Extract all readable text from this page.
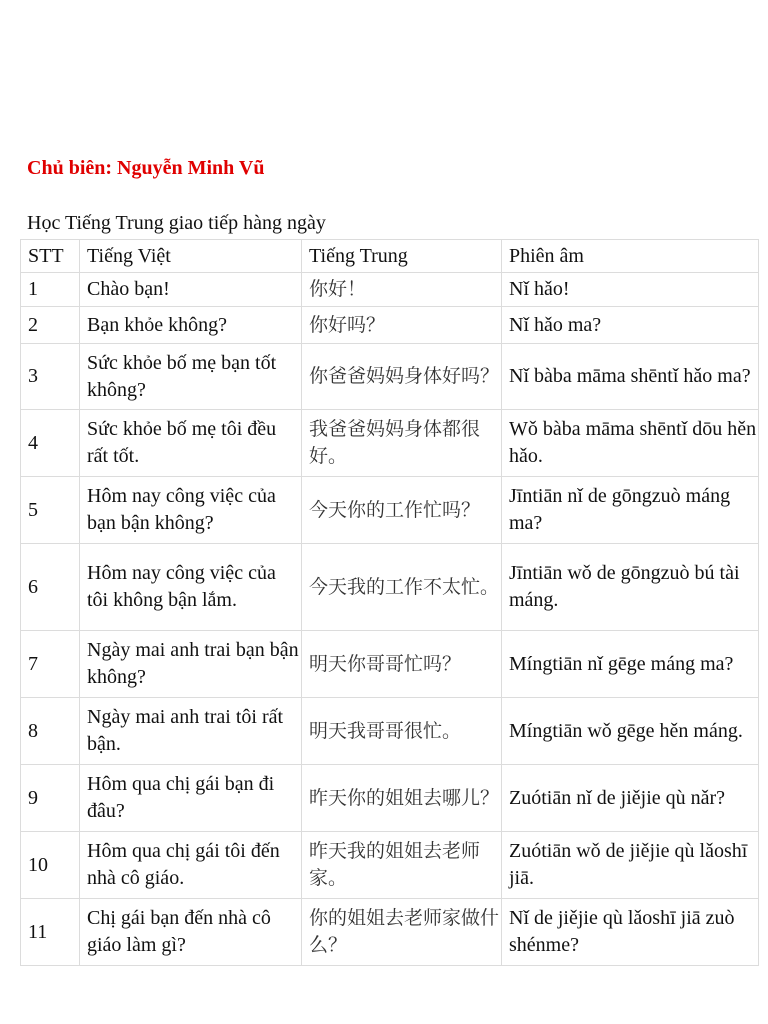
Chủ biên: Nguyễn Minh Vũ
Học Tiếng Trung giao tiếp hàng ngày
STT	Tiếng Việt	Tiếng Trung	Phiên âm
1	Chào bạn!	你好！	Nǐ hǎo!
2	Bạn khỏe không?	你好吗？	Nǐ hǎo ma?
3	Sức khỏe bố mẹ bạn tốt không?	你爸爸妈妈身体好吗？	Nǐ bàba māma shēntǐ hǎo ma?
4	Sức khỏe bố mẹ tôi đều rất tốt.	我爸爸妈妈身体都很好。	Wǒ bàba māma shēntǐ dōu hěn hǎo.
5	Hôm nay công việc của bạn bận không?	今天你的工作忙吗？	Jīntiān nǐ de gōngzuò máng ma?
6	Hôm nay công việc của tôi không bận lắm.	今天我的工作不太忙。	Jīntiān wǒ de gōngzuò bú tài máng.
7	Ngày mai anh trai bạn bận không?	明天你哥哥忙吗？	Míngtiān nǐ gēge máng ma?
8	Ngày mai anh trai tôi rất bận.	明天我哥哥很忙。	Míngtiān wǒ gēge hěn máng.
9	Hôm qua chị gái bạn đi đâu?	昨天你的姐姐去哪儿？	Zuótiān nǐ de jiějie qù nǎr?
10	Hôm qua chị gái tôi đến nhà cô giáo.	昨天我的姐姐去老师家。	Zuótiān wǒ de jiějie qù lǎoshī jiā.
11	Chị gái bạn đến nhà cô giáo làm gì?	你的姐姐去老师家做什么？	Nǐ de jiějie qù lǎoshī jiā zuò shénme?
